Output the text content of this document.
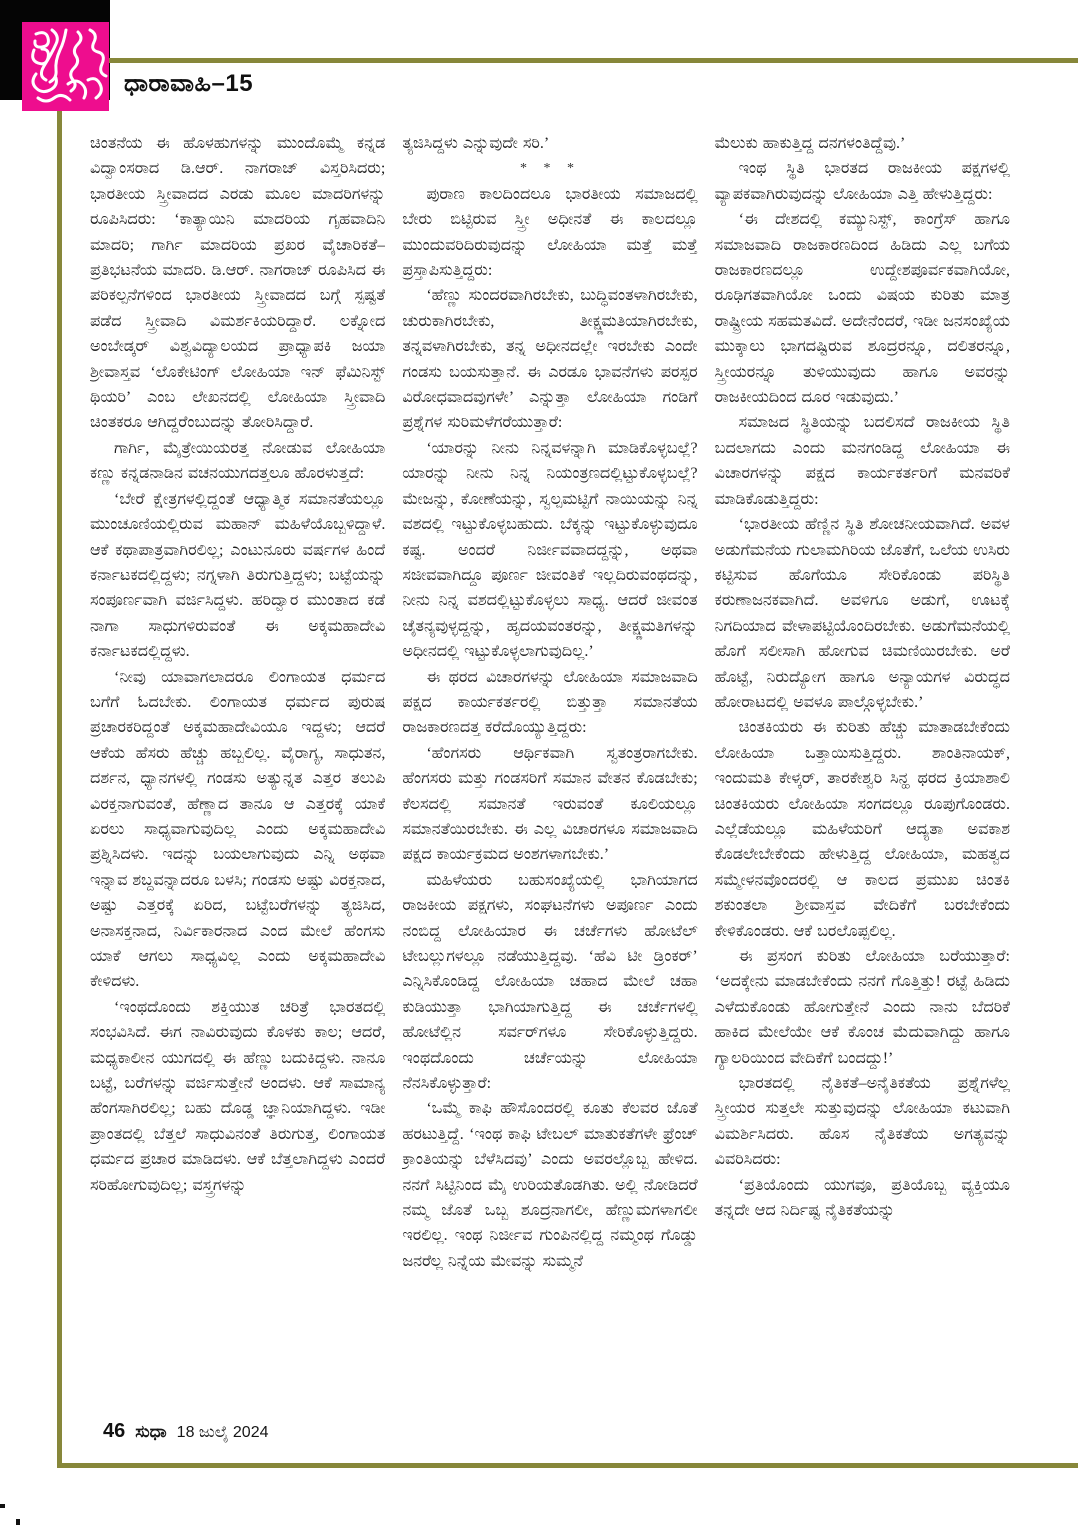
ಧಾರಾವಾಹಿ–15

ಚಿಂತನೆಯ ಈ ಹೊಳಹುಗಳನ್ನು ಮುಂದೊಮ್ಮೆ ಕನ್ನಡ ವಿದ್ವಾಂಸರಾದ ಡಿ.ಆರ್. ನಾಗರಾಜ್ ವಿಸ್ತರಿಸಿದರು; ಭಾರತೀಯ ಸ್ತ್ರೀವಾದದ ಎರಡು ಮೂಲ ಮಾದರಿಗಳನ್ನು ರೂಪಿಸಿದರು: ‘ಕಾತ್ಯಾಯಿನಿ ಮಾದರಿಯ ಗೃಹವಾದಿನಿ ಮಾದರಿ; ಗಾರ್ಗಿ ಮಾದರಿಯ ಪ್ರಖರ ವೈಚಾರಿಕತೆ–ಪ್ರತಿಭಟನೆಯ ಮಾದರಿ. ಡಿ.ಆರ್. ನಾಗರಾಜ್ ರೂಪಿಸಿದ ಈ ಪರಿಕಲ್ಪನೆಗಳಿಂದ ಭಾರತೀಯ ಸ್ತ್ರೀವಾದದ ಬಗ್ಗೆ ಸ್ಪಷ್ಟತೆ ಪಡೆದ ಸ್ತ್ರೀವಾದಿ ವಿಮರ್ಶಕಿಯರಿದ್ದಾರೆ. ಲಕ್ನೋದ ಅಂಬೇಡ್ಕರ್ ವಿಶ್ವವಿದ್ಯಾಲಯದ ಪ್ರಾಧ್ಯಾಪಕಿ ಜಯಾ ಶ್ರೀವಾಸ್ತವ ‘ಲೊಕೇಟಿಂಗ್ ಲೋಹಿಯಾ ಇನ್ ಫೆಮಿನಿಸ್ಟ್ ಥಿಯರಿ’ ಎಂಬ ಲೇಖನದಲ್ಲಿ ಲೋಹಿಯಾ ಸ್ತ್ರೀವಾದಿ ಚಿಂತಕರೂ ಆಗಿದ್ದರೆಂಬುದನ್ನು ತೋರಿಸಿದ್ದಾರೆ.

ಗಾರ್ಗಿ, ಮೈತ್ರೇಯಿಯರತ್ತ ನೋಡುವ ಲೋಹಿಯಾ ಕಣ್ಣು ಕನ್ನಡನಾಡಿನ ವಚನಯುಗದತ್ತಲೂ ಹೊರಳುತ್ತದೆ:

‘ಬೇರೆ ಕ್ಷೇತ್ರಗಳಲ್ಲಿದ್ದಂತೆ ಆಧ್ಯಾತ್ಮಿಕ ಸಮಾನತೆಯಲ್ಲೂ ಮುಂಚೂಣಿಯಲ್ಲಿರುವ ಮಹಾನ್ ಮಹಿಳೆಯೊಬ್ಬಳಿದ್ದಾಳೆ. ಆಕೆ ಕಥಾಪಾತ್ರವಾಗಿರಲಿಲ್ಲ; ಎಂಟುನೂರು ವರ್ಷಗಳ ಹಿಂದೆ ಕರ್ನಾಟಕದಲ್ಲಿದ್ದಳು; ನಗ್ನಳಾಗಿ ತಿರುಗುತ್ತಿದ್ದಳು; ಬಟ್ಟೆಯನ್ನು ಸಂಪೂರ್ಣವಾಗಿ ವರ್ಜಿಸಿದ್ದಳು. ಹರಿದ್ವಾರ ಮುಂತಾದ ಕಡೆ ನಾಗಾ ಸಾಧುಗಳಿರುವಂತೆ ಈ ಅಕ್ಕಮಹಾದೇವಿ ಕರ್ನಾಟಕದಲ್ಲಿದ್ದಳು.

‘ನೀವು ಯಾವಾಗಲಾದರೂ ಲಿಂಗಾಯತ ಧರ್ಮದ ಬಗೆಗೆ ಓದಬೇಕು. ಲಿಂಗಾಯತ ಧರ್ಮದ ಪುರುಷ ಪ್ರಚಾರಕರಿದ್ದಂತೆ ಅಕ್ಕಮಹಾದೇವಿಯೂ ಇದ್ದಳು; ಆದರೆ ಆಕೆಯ ಹೆಸರು ಹೆಚ್ಚು ಹಬ್ಬಲಿಲ್ಲ. ವೈರಾಗ್ಯ, ಸಾಧುತನ, ದರ್ಶನ, ಧ್ಯಾನಗಳಲ್ಲಿ ಗಂಡಸು ಅತ್ಯುನ್ನತ ಎತ್ತರ ತಲುಪಿ ವಿರಕ್ತನಾಗುವಂತೆ, ಹೆಣ್ಣಾದ ತಾನೂ ಆ ಎತ್ತರಕ್ಕೆ ಯಾಕೆ ಏರಲು ಸಾಧ್ಯವಾಗುವುದಿಲ್ಲ ಎಂದು ಅಕ್ಕಮಹಾದೇವಿ ಪ್ರಶ್ನಿಸಿದಳು. ಇದನ್ನು ಬಯಲಾಗುವುದು ಎನ್ನಿ ಅಥವಾ ಇನ್ನಾವ ಶಬ್ದವನ್ನಾದರೂ ಬಳಸಿ; ಗಂಡಸು ಅಷ್ಟು ವಿರಕ್ತನಾದ, ಅಷ್ಟು ಎತ್ತರಕ್ಕೆ ಏರಿದ, ಬಟ್ಟೆಬರೆಗಳನ್ನು ತ್ಯಜಿಸಿದ, ಅನಾಸಕ್ತನಾದ, ನಿರ್ವಿಕಾರನಾದ ಎಂದ ಮೇಲೆ ಹೆಂಗಸು ಯಾಕೆ ಆಗಲು ಸಾಧ್ಯವಿಲ್ಲ ಎಂದು ಅಕ್ಕಮಹಾದೇವಿ ಕೇಳಿದಳು.

‘ಇಂಥದೊಂದು ಶಕ್ತಿಯುತ ಚರಿತ್ರೆ ಭಾರತದಲ್ಲಿ ಸಂಭವಿಸಿದೆ. ಈಗ ನಾವಿರುವುದು ಕೊಳಕು ಕಾಲ; ಆದರೆ, ಮಧ್ಯಕಾಲೀನ ಯುಗದಲ್ಲಿ ಈ ಹೆಣ್ಣು ಬದುಕಿದ್ದಳು. ನಾನೂ ಬಟ್ಟೆ, ಬರೆಗಳನ್ನು ವರ್ಜಿಸುತ್ತೇನೆ ಅಂದಳು. ಆಕೆ ಸಾಮಾನ್ಯ ಹೆಂಗಸಾಗಿರಲಿಲ್ಲ; ಬಹು ದೊಡ್ಡ ಜ್ಞಾನಿಯಾಗಿದ್ದಳು. ಇಡೀ ಪ್ರಾಂತದಲ್ಲಿ ಬೆತ್ತಲೆ ಸಾಧುವಿನಂತೆ ತಿರುಗುತ್ತ, ಲಿಂಗಾಯತ ಧರ್ಮದ ಪ್ರಚಾರ ಮಾಡಿದಳು. ಆಕೆ ಬೆತ್ತಲಾಗಿದ್ದಳು ಎಂದರೆ ಸರಿಹೋಗುವುದಿಲ್ಲ; ವಸ್ತ್ರಗಳನ್ನು

ತ್ಯಜಿಸಿದ್ದಳು ಎನ್ನುವುದೇ ಸರಿ.’

* * *

ಪುರಾಣ ಕಾಲದಿಂದಲೂ ಭಾರತೀಯ ಸಮಾಜದಲ್ಲಿ ಬೇರು ಬಿಟ್ಟಿರುವ ಸ್ತ್ರೀ ಅಧೀನತೆ ಈ ಕಾಲದಲ್ಲೂ ಮುಂದುವರಿದಿರುವುದನ್ನು ಲೋಹಿಯಾ ಮತ್ತೆ ಮತ್ತೆ ಪ್ರಸ್ತಾಪಿಸುತ್ತಿದ್ದರು:

‘ಹೆಣ್ಣು ಸುಂದರವಾಗಿರಬೇಕು, ಬುದ್ಧಿವಂತಳಾಗಿರಬೇಕು, ಚುರುಕಾಗಿರಬೇಕು, ತೀಕ್ಷ್ಣಮತಿಯಾಗಿರಬೇಕು, ತನ್ನವಳಾಗಿರಬೇಕು, ತನ್ನ ಅಧೀನದಲ್ಲೇ ಇರಬೇಕು ಎಂದೇ ಗಂಡಸು ಬಯಸುತ್ತಾನೆ. ಈ ಎರಡೂ ಭಾವನೆಗಳು ಪರಸ್ಪರ ವಿರೋಧವಾದವುಗಳೇ’ ಎನ್ನುತ್ತಾ ಲೋಹಿಯಾ ಗಂಡಿಗೆ ಪ್ರಶ್ನೆಗಳ ಸುರಿಮಳೆಗರೆಯುತ್ತಾರೆ:

‘ಯಾರನ್ನು ನೀನು ನಿನ್ನವಳನ್ನಾಗಿ ಮಾಡಿಕೊಳ್ಳಬಲ್ಲೆ? ಯಾರನ್ನು ನೀನು ನಿನ್ನ ನಿಯಂತ್ರಣದಲ್ಲಿಟ್ಟುಕೊಳ್ಳಬಲ್ಲೆ? ಮೇಜನ್ನು, ಕೋಣೆಯನ್ನು, ಸ್ವಲ್ಪಮಟ್ಟಿಗೆ ನಾಯಿಯನ್ನು ನಿನ್ನ ವಶದಲ್ಲಿ ಇಟ್ಟುಕೊಳ್ಳಬಹುದು. ಬೆಕ್ಕನ್ನು ಇಟ್ಟುಕೊಳ್ಳುವುದೂ ಕಷ್ಟ. ಅಂದರೆ ನಿರ್ಜೀವವಾದದ್ದನ್ನು, ಅಥವಾ ಸಜೀವವಾಗಿದ್ದೂ ಪೂರ್ಣ ಜೀವಂತಿಕೆ ಇಲ್ಲದಿರುವಂಥದನ್ನು, ನೀನು ನಿನ್ನ ವಶದಲ್ಲಿಟ್ಟುಕೊಳ್ಳಲು ಸಾಧ್ಯ. ಆದರೆ ಜೀವಂತ ಚೈತನ್ಯವುಳ್ಳದ್ದನ್ನು, ಹೃದಯವಂತರನ್ನು, ತೀಕ್ಷ್ಣಮತಿಗಳನ್ನು ಅಧೀನದಲ್ಲಿ ಇಟ್ಟುಕೊಳ್ಳಲಾಗುವುದಿಲ್ಲ.’

ಈ ಥರದ ವಿಚಾರಗಳನ್ನು ಲೋಹಿಯಾ ಸಮಾಜವಾದಿ ಪಕ್ಷದ ಕಾರ್ಯಕರ್ತರಲ್ಲಿ ಬಿತ್ತುತ್ತಾ ಸಮಾನತೆಯ ರಾಜಕಾರಣದತ್ತ ಕರೆದೊಯ್ಯುತ್ತಿದ್ದರು:

‘ಹೆಂಗಸರು ಆರ್ಥಿಕವಾಗಿ ಸ್ವತಂತ್ರರಾಗಬೇಕು. ಹೆಂಗಸರು ಮತ್ತು ಗಂಡಸರಿಗೆ ಸಮಾನ ವೇತನ ಕೊಡಬೇಕು; ಕೆಲಸದಲ್ಲಿ ಸಮಾನತೆ ಇರುವಂತೆ ಕೂಲಿಯಲ್ಲೂ ಸಮಾನತೆಯಿರಬೇಕು. ಈ ಎಲ್ಲ ವಿಚಾರಗಳೂ ಸಮಾಜವಾದಿ ಪಕ್ಷದ ಕಾರ್ಯಕ್ರಮದ ಅಂಶಗಳಾಗಬೇಕು.’

ಮಹಿಳೆಯರು ಬಹುಸಂಖ್ಯೆಯಲ್ಲಿ ಭಾಗಿಯಾಗದ ರಾಜಕೀಯ ಪಕ್ಷಗಳು, ಸಂಘಟನೆಗಳು ಅಪೂರ್ಣ ಎಂದು ನಂಬಿದ್ದ ಲೋಹಿಯಾರ ಈ ಚರ್ಚೆಗಳು ಹೋಟೆಲ್ ಟೇಬಲ್ಲುಗಳಲ್ಲೂ ನಡೆಯುತ್ತಿದ್ದವು. ‘ಹೆವಿ ಟೀ ಡ್ರಿಂಕರ್’ ಎನ್ನಿಸಿಕೊಂಡಿದ್ದ ಲೋಹಿಯಾ ಚಹಾದ ಮೇಲೆ ಚಹಾ ಕುಡಿಯುತ್ತಾ ಭಾಗಿಯಾಗುತ್ತಿದ್ದ ಈ ಚರ್ಚೆಗಳಲ್ಲಿ ಹೋಟೆಲ್ಲಿನ ಸರ್ವರ್‌ಗಳೂ ಸೇರಿಕೊಳ್ಳುತ್ತಿದ್ದರು. ಇಂಥದೊಂದು ಚರ್ಚೆಯನ್ನು ಲೋಹಿಯಾ ನೆನಸಿಕೊಳ್ಳುತ್ತಾರೆ:

‘ಒಮ್ಮೆ ಕಾಫಿ ಹೌಸೊಂದರಲ್ಲಿ ಕೂತು ಕೆಲವರ ಜೊತೆ ಹರಟುತ್ತಿದ್ದೆ. ‘ಇಂಥ ಕಾಫಿ ಟೇಬಲ್ ಮಾತುಕತೆಗಳೇ ಫ್ರೆಂಚ್ ಕ್ರಾಂತಿಯನ್ನು ಬೆಳೆಸಿದವು’ ಎಂದು ಅವರಲ್ಲೊಬ್ಬ ಹೇಳಿದ. ನನಗೆ ಸಿಟ್ಟಿನಿಂದ ಮೈ ಉರಿಯತೊಡಗಿತು. ಅಲ್ಲಿ ನೋಡಿದರೆ ನಮ್ಮ ಜೊತೆ ಒಬ್ಬ ಶೂದ್ರನಾಗಲೀ, ಹೆಣ್ಣುಮಗಳಾಗಲೀ ಇರಲಿಲ್ಲ. ಇಂಥ ನಿರ್ಜೀವ ಗುಂಪಿನಲ್ಲಿದ್ದ ನಮ್ಮಂಥ ಗೊಡ್ಡು ಜನರೆಲ್ಲ ನಿನ್ನೆಯ ಮೇವನ್ನು ಸುಮ್ಮನೆ

ಮೆಲುಕು ಹಾಕುತ್ತಿದ್ದ ದನಗಳಂತಿದ್ದೆವು.’

ಇಂಥ ಸ್ಥಿತಿ ಭಾರತದ ರಾಜಕೀಯ ಪಕ್ಷಗಳಲ್ಲಿ ವ್ಯಾಪಕವಾಗಿರುವುದನ್ನು ಲೋಹಿಯಾ ಎತ್ತಿ ಹೇಳುತ್ತಿದ್ದರು:

‘ಈ ದೇಶದಲ್ಲಿ ಕಮ್ಯುನಿಸ್ಟ್, ಕಾಂಗ್ರೆಸ್ ಹಾಗೂ ಸಮಾಜವಾದಿ ರಾಜಕಾರಣದಿಂದ ಹಿಡಿದು ಎಲ್ಲ ಬಗೆಯ ರಾಜಕಾರಣದಲ್ಲೂ ಉದ್ದೇಶಪೂರ್ವಕವಾಗಿಯೋ, ರೂಢಿಗತವಾಗಿಯೋ ಒಂದು ವಿಷಯ ಕುರಿತು ಮಾತ್ರ ರಾಷ್ಟ್ರೀಯ ಸಹಮತವಿದೆ. ಅದೇನೆಂದರೆ, ಇಡೀ ಜನಸಂಖ್ಯೆಯ ಮುಕ್ಕಾಲು ಭಾಗದಷ್ಟಿರುವ ಶೂದ್ರರನ್ನೂ, ದಲಿತರನ್ನೂ, ಸ್ತ್ರೀಯರನ್ನೂ ತುಳಿಯುವುದು ಹಾಗೂ ಅವರನ್ನು ರಾಜಕೀಯದಿಂದ ದೂರ ಇಡುವುದು.’

ಸಮಾಜದ ಸ್ಥಿತಿಯನ್ನು ಬದಲಿಸದೆ ರಾಜಕೀಯ ಸ್ಥಿತಿ ಬದಲಾಗದು ಎಂದು ಮನಗಂಡಿದ್ದ ಲೋಹಿಯಾ ಈ ವಿಚಾರಗಳನ್ನು ಪಕ್ಷದ ಕಾರ್ಯಕರ್ತರಿಗೆ ಮನವರಿಕೆ ಮಾಡಿಕೊಡುತ್ತಿದ್ದರು:

‘ಭಾರತೀಯ ಹೆಣ್ಣಿನ ಸ್ಥಿತಿ ಶೋಚನೀಯವಾಗಿದೆ. ಅವಳ ಅಡುಗೆಮನೆಯ ಗುಲಾಮಗಿರಿಯ ಜೊತೆಗೆ, ಒಲೆಯ ಉಸಿರು ಕಟ್ಟಿಸುವ ಹೊಗೆಯೂ ಸೇರಿಕೊಂಡು ಪರಿಸ್ಥಿತಿ ಕರುಣಾಜನಕವಾಗಿದೆ. ಅವಳಿಗೂ ಅಡುಗೆ, ಊಟಕ್ಕೆ ನಿಗದಿಯಾದ ವೇಳಾಪಟ್ಟಿಯೊಂದಿರಬೇಕು. ಅಡುಗೆಮನೆಯಲ್ಲಿ ಹೊಗೆ ಸಲೀಸಾಗಿ ಹೋಗುವ ಚಿಮಣಿಯಿರಬೇಕು. ಅರೆ ಹೊಟ್ಟೆ, ನಿರುದ್ಯೋಗ ಹಾಗೂ ಅನ್ಯಾಯಗಳ ವಿರುದ್ಧದ ಹೋರಾಟದಲ್ಲಿ ಅವಳೂ ಪಾಲ್ಗೊಳ್ಳಬೇಕು.’

ಚಿಂತಕಿಯರು ಈ ಕುರಿತು ಹೆಚ್ಚು ಮಾತಾಡಬೇಕೆಂದು ಲೋಹಿಯಾ ಒತ್ತಾಯಿಸುತ್ತಿದ್ದರು. ಶಾಂತಿನಾಯಕ್, ಇಂದುಮತಿ ಕೇಳ್ಕರ್, ತಾರಕೇಶ್ವರಿ ಸಿನ್ಹ ಥರದ ಕ್ರಿಯಾಶಾಲಿ ಚಿಂತಕಿಯರು ಲೋಹಿಯಾ ಸಂಗದಲ್ಲೂ ರೂಪುಗೊಂಡರು. ಎಲ್ಲೆಡೆಯಲ್ಲೂ ಮಹಿಳೆಯರಿಗೆ ಆದ್ಯತಾ ಅವಕಾಶ ಕೊಡಲೇಬೇಕೆಂದು ಹೇಳುತ್ತಿದ್ದ ಲೋಹಿಯಾ, ಮಹತ್ವದ ಸಮ್ಮೇಳನವೊಂದರಲ್ಲಿ ಆ ಕಾಲದ ಪ್ರಮುಖ ಚಿಂತಕಿ ಶಕುಂತಲಾ ಶ್ರೀವಾಸ್ತವ ವೇದಿಕೆಗೆ ಬರಬೇಕೆಂದು ಕೇಳಿಕೊಂಡರು. ಆಕೆ ಬರಲೊಪ್ಪಲಿಲ್ಲ.

ಈ ಪ್ರಸಂಗ ಕುರಿತು ಲೋಹಿಯಾ ಬರೆಯುತ್ತಾರೆ: ‘ಅದಕ್ಕೇನು ಮಾಡಬೇಕೆಂದು ನನಗೆ ಗೊತ್ತಿತ್ತು! ರಟ್ಟೆ ಹಿಡಿದು ಎಳೆದುಕೊಂಡು ಹೋಗುತ್ತೇನೆ ಎಂದು ನಾನು ಬೆದರಿಕೆ ಹಾಕಿದ ಮೇಲೆಯೇ ಆಕೆ ಕೊಂಚ ಮೆದುವಾಗಿದ್ದು ಹಾಗೂ ಗ್ಯಾಲರಿಯಿಂದ ವೇದಿಕೆಗೆ ಬಂದದ್ದು!’

ಭಾರತದಲ್ಲಿ ನೈತಿಕತೆ–ಅನೈತಿಕತೆಯ ಪ್ರಶ್ನೆಗಳೆಲ್ಲ ಸ್ತ್ರೀಯರ ಸುತ್ತಲೇ ಸುತ್ತುವುದನ್ನು ಲೋಹಿಯಾ ಕಟುವಾಗಿ ವಿಮರ್ಶಿಸಿದರು. ಹೊಸ ನೈತಿಕತೆಯ ಅಗತ್ಯವನ್ನು ವಿವರಿಸಿದರು:

‘ಪ್ರತಿಯೊಂದು ಯುಗವೂ, ಪ್ರತಿಯೊಬ್ಬ ವ್ಯಕ್ತಿಯೂ ತನ್ನದೇ ಆದ ನಿರ್ದಿಷ್ಟ ನೈತಿಕತೆಯನ್ನು

46 ಸುಧಾ 18 ಜುಲೈ 2024
